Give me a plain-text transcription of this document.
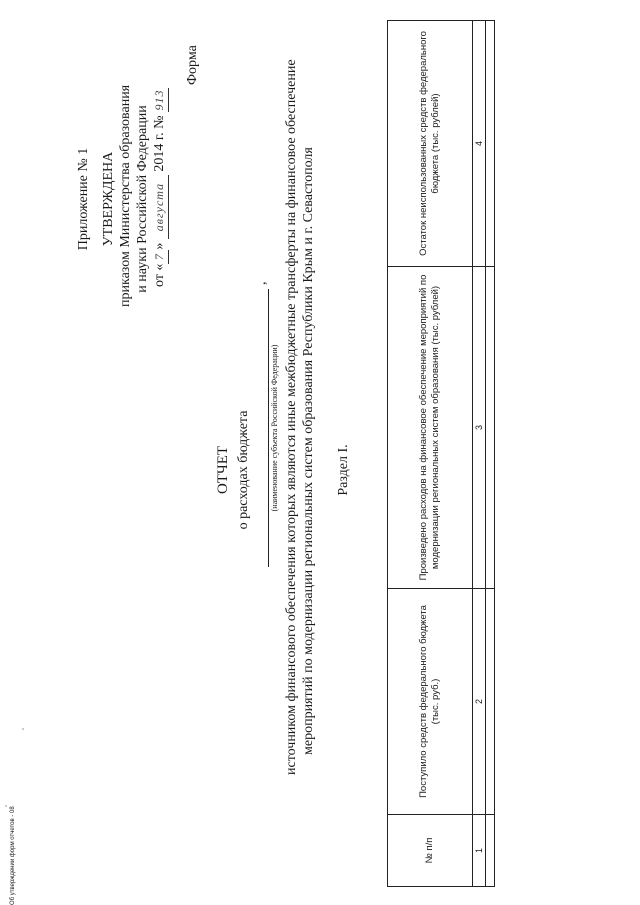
Приложение № 1 УТВЕРЖДЕНА приказом Министерства образования и науки Российской Федерации от «7» августа 2014 г. № 913
Форма
ОТЧЕТ о расходах бюджета
,
(наименование субъекта Российской Федерации) источником финансового обеспечения которых являются иные межбюджетные трансферты на финансовое обеспечение мероприятий по модернизации региональных систем образования Республики Крым и г. Севастополя Раздел I.
№ п/п	Поступило средств федерального бюджета (тыс. руб.)	Произведено расходов на финансовое обеспечение мероприятий по модернизации региональных систем образования (тыс. рублей)	Остаток неиспользованных средств федерального бюджета (тыс. рублей)
1	2	3	4

Об утверждении форм отчетов - 08
